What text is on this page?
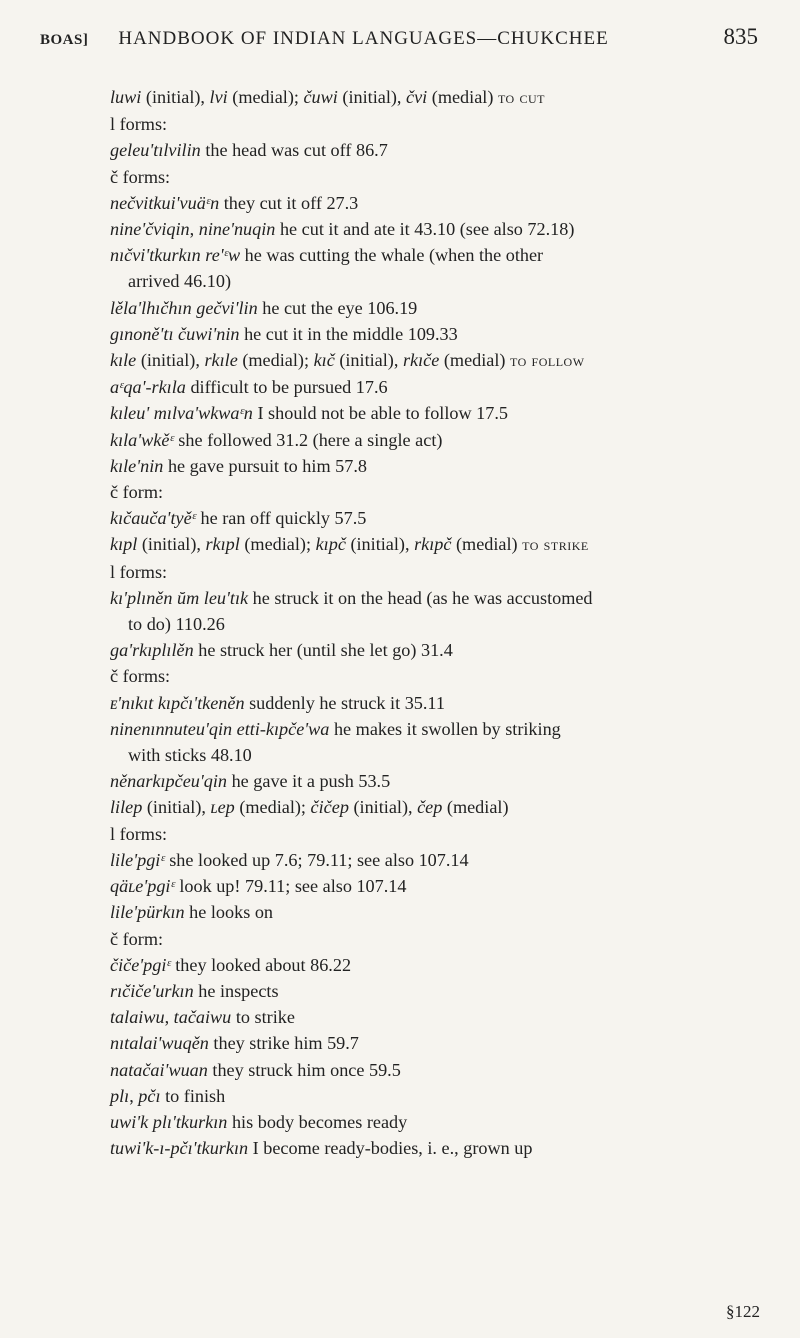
BOAS] HANDBOOK OF INDIAN LANGUAGES—CHUKCHEE	835
luwi (initial), lvi (medial); čuwi (initial), čvi (medial) to cut
l forms:
geleu'tılvilin the head was cut off 86.7
č forms:
nečvitkui'vuäᵋn they cut it off 27.3
nine'čviqin, nine'nuqin he cut it and ate it 43.10 (see also 72.18)
nıčvi'tkurkın re'ᵋw he was cutting the whale (when the other
arrived 46.10)
lěla'lhıčhın gečvi'lin he cut the eye 106.19
gınoně'tı čuwi'nin he cut it in the middle 109.33
kıle (initial), rkıle (medial); kıč (initial), rkıče (medial) to follow
aᵋqa'-rkıla difficult to be pursued 17.6
kıleu' mılva'wkwaᵋn I should not be able to follow 17.5
kıla'wkěᵋ she followed 31.2 (here a single act)
kıle'nin he gave pursuit to him 57.8
č form:
kıčauča'tyěᵋ he ran off quickly 57.5
kıpl (initial), rkıpl (medial); kıpč (initial), rkıpč (medial) to strike
l forms:
kı'plıněn ŭm leu'tık he struck it on the head (as he was accustomed
to do) 110.26
ga'rkıplılěn he struck her (until she let go) 31.4
č forms:
ᴇ'nıkıt kıpčı'tkeněn suddenly he struck it 35.11
ninenınnuteu'qin etti-kıpče'wa he makes it swollen by striking
with sticks 48.10
něnarkıpčeu'qin he gave it a push 53.5
lilep (initial), ʟep (medial); čičep (initial), čep (medial)
l forms:
lile'pgiᵋ she looked up 7.6; 79.11; see also 107.14
qäʟe'pgiᵋ look up! 79.11; see also 107.14
lile'pürkın he looks on
č form:
čiče'pgiᵋ they looked about 86.22
rıčiče'urkın he inspects
talaiwu, tačaiwu to strike
nıtalai'wuqěn they strike him 59.7
natačai'wuan they struck him once 59.5
plı, pčı to finish
uwi'k plı'tkurkın his body becomes ready
tuwi'k-ı-pčı'tkurkın I become ready-bodies, i. e., grown up
§122
